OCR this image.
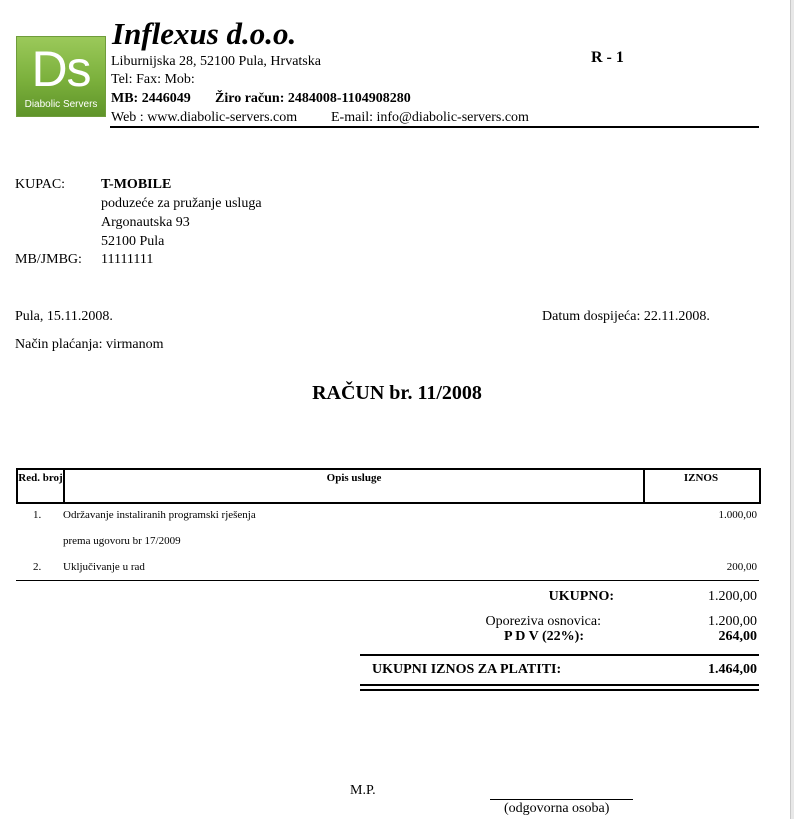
Ds
Diabolic Servers
Inflexus d.o.o.
Liburnijska 28, 52100 Pula, Hrvatska
Tel: Fax: Mob:
MB: 2446049 Žiro račun: 2484008-1104908280
Web : www.diabolic-servers.com E-mail: info@diabolic-servers.com
R - 1
KUPAC:	T-MOBILE
poduzeće za pružanje usluga
Argonautska 93
52100 Pula
MB/JMBG: 11111111
Pula, 15.11.2008.	Datum dospijeća: 22.11.2008.
Način plaćanja: virmanom
RAČUN br. 11/2008
Red. broj	Opis usluge	IZNOS
1. Održavanje instaliranih programski rješenja	1.000,00
prema ugovoru br 17/2009
2. Uključivanje u rad	200,00
UKUPNO:	1.200,00
Oporeziva osnovica:	1.200,00
P D V (22%):	264,00
UKUPNI IZNOS ZA PLATITI:	1.464,00
M.P.
(odgovorna osoba)
